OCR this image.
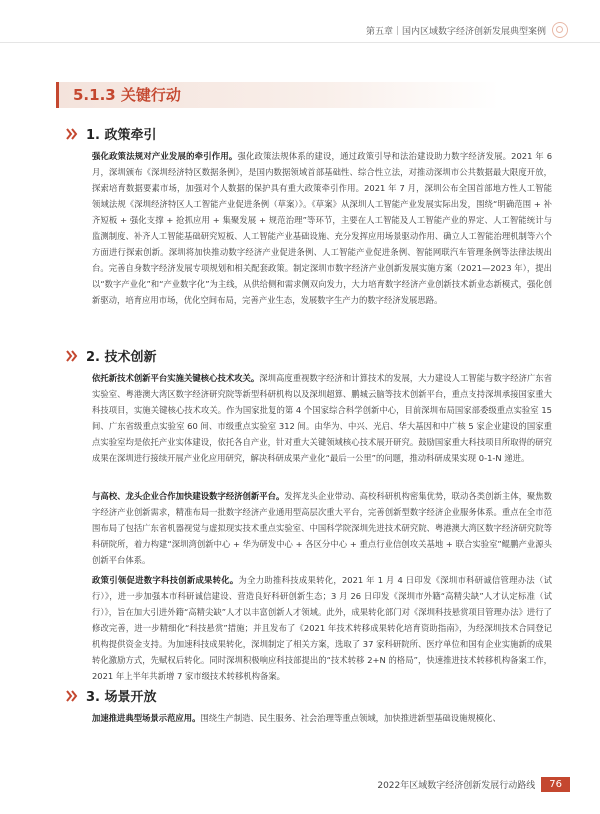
第五章｜国内区域数字经济创新发展典型案例
5.1.3 关键行动
1. 政策牵引
强化政策法规对产业发展的牵引作用。强化政策法规体系的建设，通过政策引导和法治建设助力数字经济发展。2021 年 6 月，深圳颁布《深圳经济特区数据条例》，是国内数据领域首部基础性、综合性立法，对推动深圳市公共数据最大限度开放，探索培育数据要素市场，加强对个人数据的保护具有重大政策牵引作用。2021 年 7 月，深圳公布全国首部地方性人工智能领域法规《深圳经济特区人工智能产业促进条例（草案）》。《草案》从深圳人工智能产业发展实际出发，围绕“明确范围 + 补齐短板 + 强化支撑 + 抢抓应用 + 集聚发展 + 规范治理”等环节，主要在人工智能及人工智能产业的界定、人工智能统计与监测制度、补齐人工智能基础研究短板、人工智能产业基础设施、充分发挥应用场景驱动作用、确立人工智能治理机制等六个方面进行探索创新。深圳将加快推动数字经济产业促进条例、人工智能产业促进条例、智能网联汽车管理条例等法律法规出台。完善自身数字经济发展专项规划和相关配套政策。制定深圳市数字经济产业创新发展实施方案（2021—2023 年），提出以“数字产业化”和“产业数字化”为主线，从供给侧和需求侧双向发力，大力培育数字经济产业创新技术新业态新模式，强化创新驱动，培育应用市场，优化空间布局，完善产业生态，发展数字生产力的数字经济发展思路。
2. 技术创新
依托新技术创新平台实施关键核心技术攻关。深圳高度重视数字经济和计算技术的发展，大力建设人工智能与数字经济广东省实验室、粤港澳大湾区数字经济研究院等新型科研机构以及深圳超算、鹏城云脑等技术创新平台，重点支持深圳承接国家重大科技项目，实施关键核心技术攻关。作为国家批复的第 4 个国家综合科学创新中心，目前深圳布局国家部委级重点实验室 15 间、广东省级重点实验室 60 间、市级重点实验室 312 间。由华为、中兴、光启、华大基因和中广核 5 家企业建设的国家重点实验室均是依托产业实体建设，依托各自产业，针对重大关键领域核心技术展开研究。鼓励国家重大科技项目所取得的研究成果在深圳进行接续开展产业化应用研究，解决科研成果产业化“最后一公里”的问题，推动科研成果实现 0-1-N 递进。
与高校、龙头企业合作加快建设数字经济创新平台。发挥龙头企业带动、高校科研机构密集优势，联动各类创新主体，聚焦数字经济产业创新需求，精准布局一批数字经济产业通用型高层次重大平台，完善创新型数字经济企业服务体系。重点在全市范围布局了包括广东省机器视觉与虚拟现实技术重点实验室、中国科学院深圳先进技术研究院、粤港澳大湾区数字经济研究院等科研院所，着力构建“深圳湾创新中心 + 华为研发中心 + 各区分中心 + 重点行业信创攻关基地 + 联合实验室”鲲鹏产业源头创新平台体系。
政策引领促进数字科技创新成果转化。为全力助推科技成果转化，2021 年 1 月 4 日印发《深圳市科研诚信管理办法（试行）》，进一步加强本市科研诚信建设、营造良好科研创新生态；3 月 26 日印发《深圳市外籍“高精尖缺”人才认定标准（试行）》，旨在加大引进外籍“高精尖缺”人才以丰富创新人才领域。此外，成果转化部门对《深圳科技悬赏项目管理办法》进行了修改完善，进一步精细化“科技悬赏”措施；并且发布了《2021 年技术转移成果转化培育资助指南》，为经深圳技术合同登记机构提供资金支持。为加速科技成果转化，深圳制定了相关方案，选取了 37 家科研院所、医疗单位和国有企业实施新的成果转化激励方式，先赋权后转化。同时深圳积极响应科技部提出的“技术转移 2+N 的格局”，快速推进技术转移机构备案工作，2021 年上半年共新增 7 家市级技术转移机构备案。
3. 场景开放
加速推进典型场景示范应用。围绕生产制造、民生服务、社会治理等重点领域，加快推进新型基础设施规模化、
2022年区域数字经济创新发展行动路线	76
